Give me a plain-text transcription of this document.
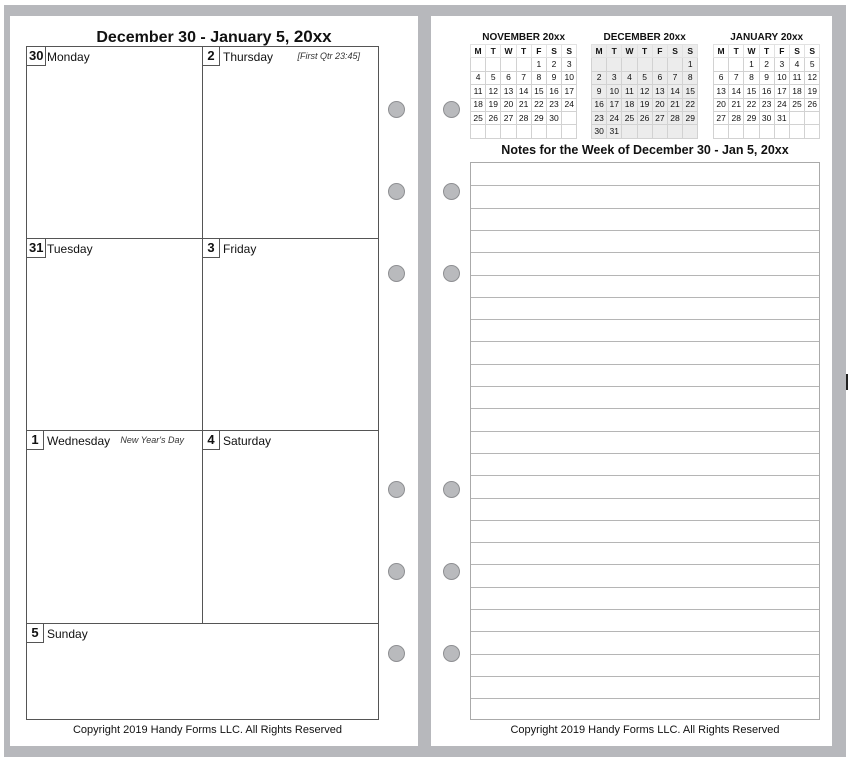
December 30 - January 5, 20xx
30 Monday	2 Thursday	[First Qtr 23:45]
31 Tuesday	3 Friday
1 Wednesday New Year's Day	4 Saturday
5 Sunday
Copyright 2019 Handy Forms LLC. All Rights Reserved
NOVEMBER 20xx
M	T	W	T	F	S	S
				1	2	3
4	5	6	7	8	9	10
11	12	13	14	15	16	17
18	19	20	21	22	23	24
25	26	27	28	29	30	

DECEMBER 20xx
M	T	W	T	F	S	S
						1
2	3	4	5	6	7	8
9	10	11	12	13	14	15
16	17	18	19	20	21	22
23	24	25	26	27	28	29
30	31					
JANUARY 20xx
M	T	W	T	F	S	S
		1	2	3	4	5
6	7	8	9	10	11	12
13	14	15	16	17	18	19
20	21	22	23	24	25	26
27	28	29	30	31		

Notes for the Week of December 30 - Jan 5, 20xx
Copyright 2019 Handy Forms LLC. All Rights Reserved
